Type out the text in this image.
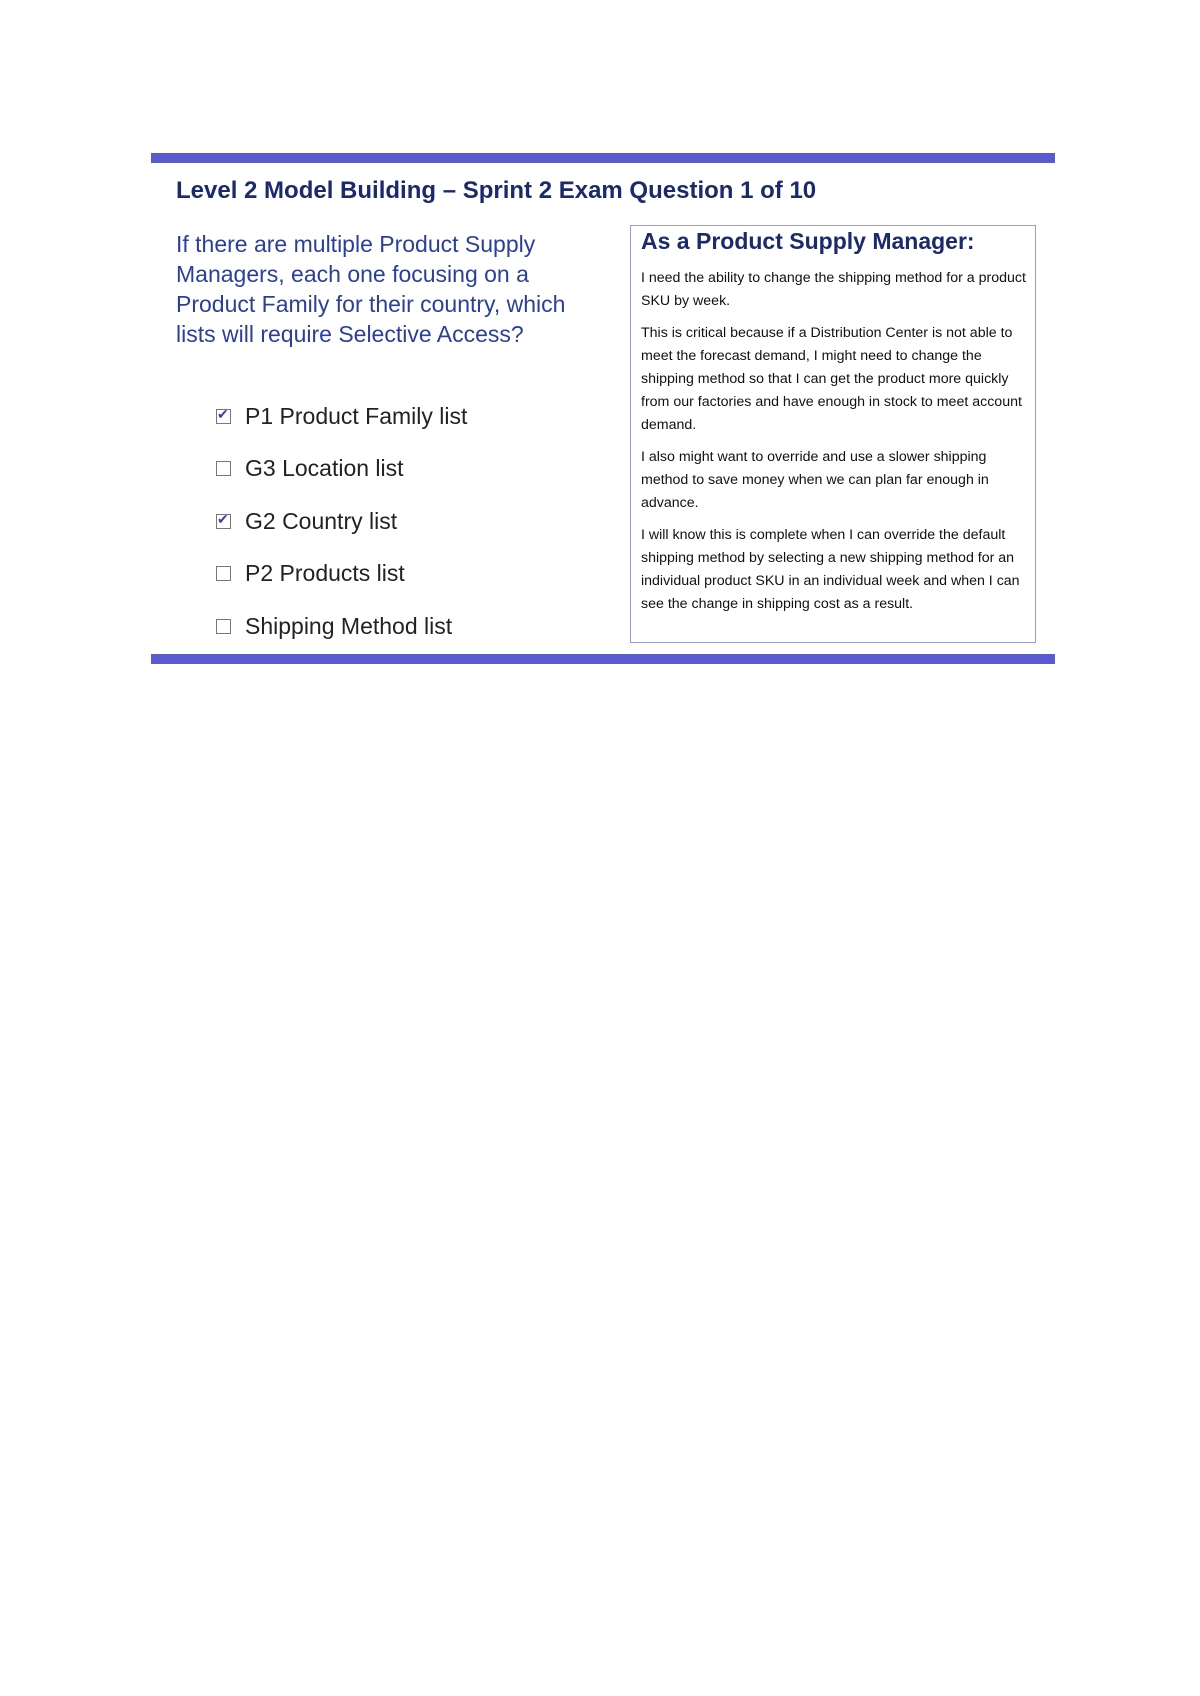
Level 2 Model Building – Sprint 2 Exam Question 1 of 10
If there are multiple Product Supply Managers, each one focusing on a Product Family for their country, which lists will require Selective Access?
✔
P1 Product Family list
G3 Location list
✔
G2 Country list
P2 Products list
Shipping Method list
As a Product Supply Manager:

I need the ability to change the shipping method for a product SKU by week.

This is critical because if a Distribution Center is not able to meet the forecast demand, I might need to change the shipping method so that I can get the product more quickly from our factories and have enough in stock to meet account demand.

I also might want to override and use a slower shipping method to save money when we can plan far enough in advance.

I will know this is complete when I can override the default shipping method by selecting a new shipping method for an individual product SKU in an individual week and when I can see the change in shipping cost as a result.
